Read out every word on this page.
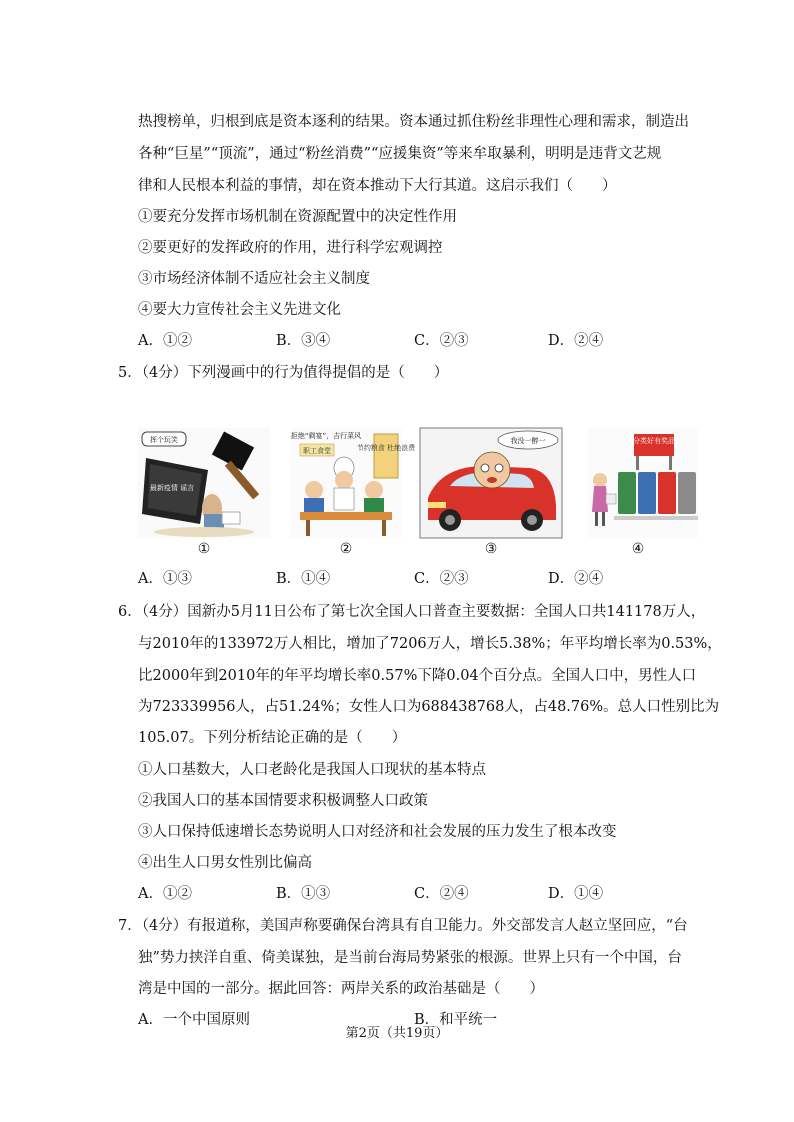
热搜榜单，归根到底是资本逐利的结果。资本通过抓住粉丝非理性心理和需求，制造出
各种“巨星”“顶流”，通过“粉丝消费”“应援集资”等来牟取暴利，明明是违背文艺规
律和人民根本利益的事情，却在资本推动下大行其道。这启示我们（　　）
①要充分发挥市场机制在资源配置中的决定性作用
②要更好的发挥政府的作用，进行科学宏观调控
③市场经济体制不适应社会主义制度
④要大力宣传社会主义先进文化
A．①②	B．③④	C．②③	D．②④
5．（4分）下列漫画中的行为值得提倡的是（　　）
挥个玩笑
最新疫情 谣言
拒绝“剩宴”，吉行菜风
节约粮食 杜绝浪费
职工食堂
我没一醉一	分类好有奖品
①	②	③	④
A．①③	B．①④	C．②③	D．②④
6．（4分）国新办5月11日公布了第七次全国人口普查主要数据：全国人口共141178万人，
与2010年的133972万人相比，增加了7206万人，增长5.38%；年平均增长率为0.53%，
比2000年到2010年的年平均增长率0.57%下降0.04个百分点。全国人口中，男性人口
为723339956人，占51.24%；女性人口为688438768人，占48.76%。总人口性别比为
105.07。下列分析结论正确的是（　　）
①人口基数大，人口老龄化是我国人口现状的基本特点
②我国人口的基本国情要求积极调整人口政策
③人口保持低速增长态势说明人口对经济和社会发展的压力发生了根本改变
④出生人口男女性别比偏高
A．①②	B．①③	C．②④	D．①④
7．（4分）有报道称，美国声称要确保台湾具有自卫能力。外交部发言人赵立坚回应，“台
独”势力挟洋自重、倚美谋独，是当前台海局势紧张的根源。世界上只有一个中国，台
湾是中国的一部分。据此回答：两岸关系的政治基础是（　　）
A．一个中国原则	B．和平统一
第2页（共19页）
